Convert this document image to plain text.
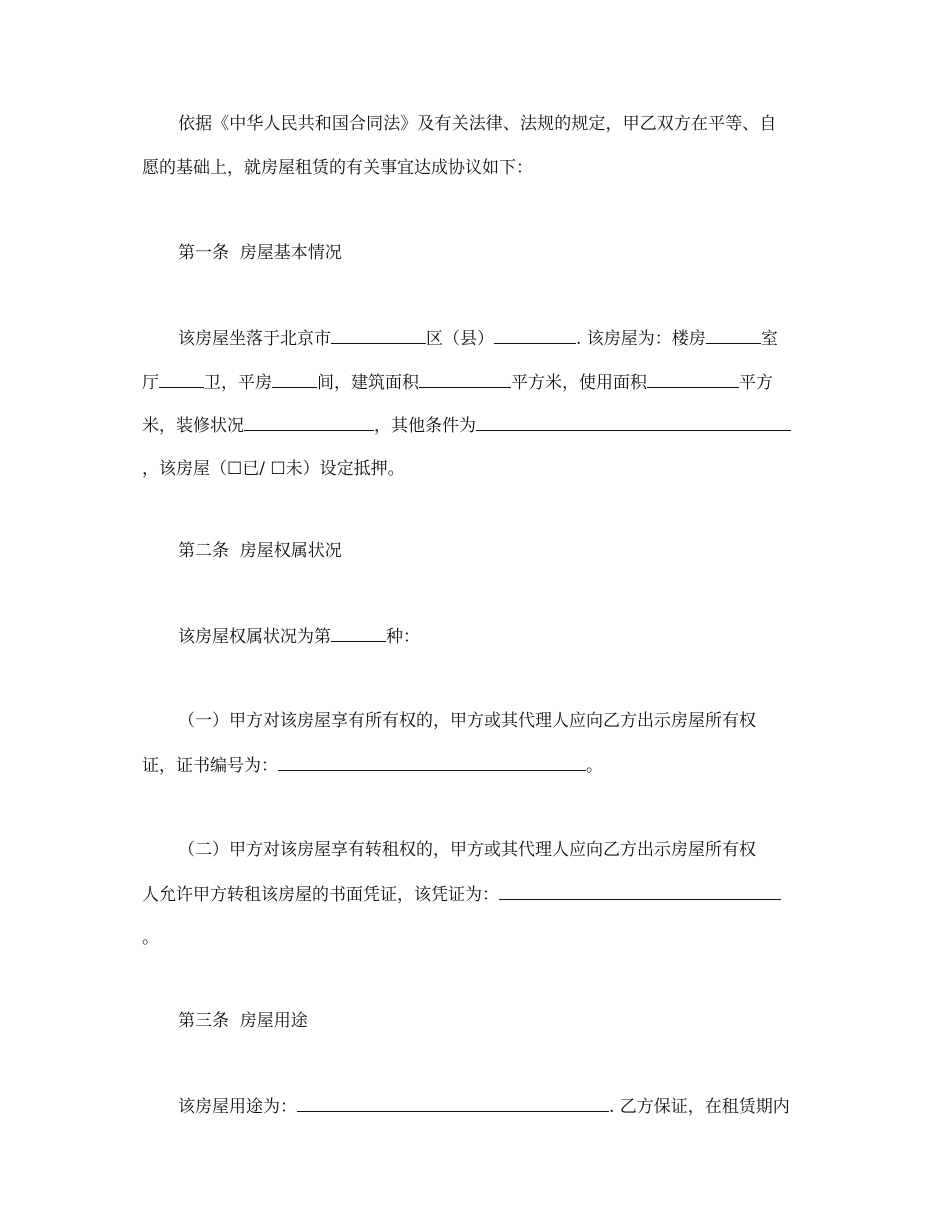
依据《中华人民共和国合同法》及有关法律、法规的规定，甲乙双方在平等、自
愿的基础上，就房屋租赁的有关事宜达成协议如下：
第一条  房屋基本情况
该房屋坐落于北京市	区（县）	. 该房屋为：楼房	室
厅	卫，平房	间，建筑面积	平方米，使用面积	平方
米，装修状况	，其他条件为
，该房屋（☐已/ ☐未）设定抵押。
第二条  房屋权属状况
该房屋权属状况为第	种：
（一）甲方对该房屋享有所有权的，甲方或其代理人应向乙方出示房屋所有权
证，证书编号为：	。
（二）甲方对该房屋享有转租权的，甲方或其代理人应向乙方出示房屋所有权
人允许甲方转租该房屋的书面凭证，该凭证为：
。
第三条  房屋用途
该房屋用途为：	. 乙方保证，在租赁期内
